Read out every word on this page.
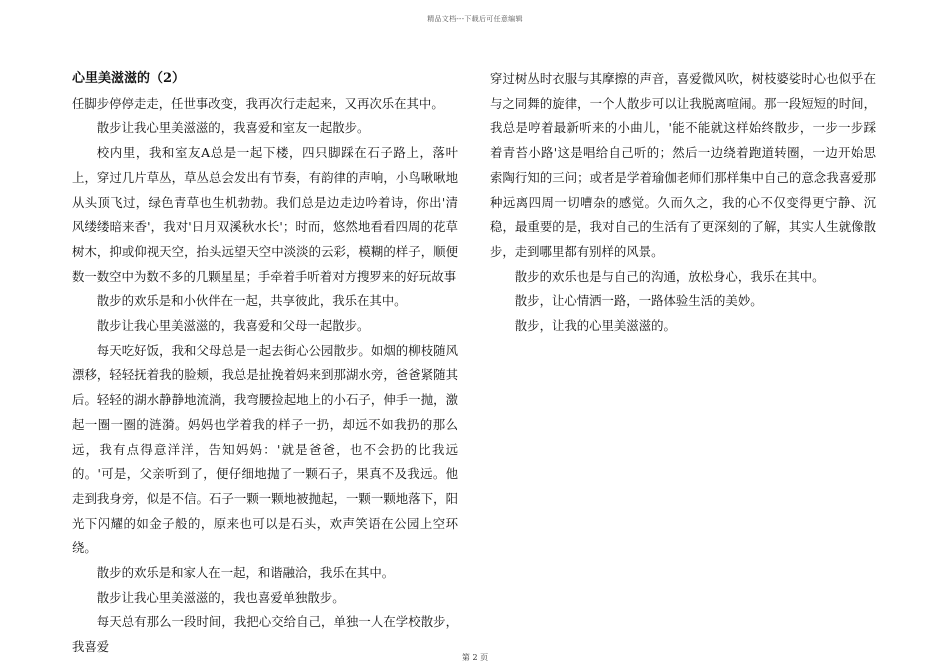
精品文档---下载后可任意编辑

心里美滋滋的（2）

任脚步停停走走，任世事改变，我再次行走起来，又再次乐在其中。

散步让我心里美滋滋的，我喜爱和室友一起散步。

校内里，我和室友A总是一起下楼，四只脚踩在石子路上，落叶上，穿过几片草丛，草丛总会发出有节奏，有韵律的声响，小鸟啾啾地从头顶飞过，绿色青草也生机勃勃。我们总是边走边吟着诗，你出'清风缕缕暗来香'，我对'日月双溪秋水长'；时而，悠然地看看四周的花草树木，抑或仰视天空，抬头远望天空中淡淡的云彩，模糊的样子，顺便数一数空中为数不多的几颗星星；手牵着手听着对方搜罗来的好玩故事

散步的欢乐是和小伙伴在一起，共享彼此，我乐在其中。

散步让我心里美滋滋的，我喜爱和父母一起散步。

每天吃好饭，我和父母总是一起去街心公园散步。如烟的柳枝随风漂移，轻轻抚着我的脸颊，我总是扯挽着妈来到那湖水旁，爸爸紧随其后。轻轻的湖水静静地流淌，我弯腰捡起地上的小石子，伸手一抛，激起一圈一圈的涟漪。妈妈也学着我的样子一扔，却远不如我扔的那么远，我有点得意洋洋，告知妈妈：'就是爸爸，也不会扔的比我远的。'可是，父亲听到了，便仔细地抛了一颗石子，果真不及我远。他走到我身旁，似是不信。石子一颗一颗地被抛起，一颗一颗地落下，阳光下闪耀的如金子般的，原来也可以是石头，欢声笑语在公园上空环绕。

散步的欢乐是和家人在一起，和谐融洽，我乐在其中。

散步让我心里美滋滋的，我也喜爱单独散步。

每天总有那么一段时间，我把心交给自己，单独一人在学校散步，我喜爱

穿过树丛时衣服与其摩擦的声音，喜爱微风吹，树枝婆娑时心也似乎在与之同舞的旋律，一个人散步可以让我脱离喧闹。那一段短短的时间，我总是哼着最新听来的小曲儿，'能不能就这样始终散步，一步一步踩着青苔小路'这是唱给自己听的；然后一边绕着跑道转圈，一边开始思索陶行知的三问；或者是学着瑜伽老师们那样集中自己的意念我喜爱那种远离四周一切嘈杂的感觉。久而久之，我的心不仅变得更宁静、沉稳，最重要的是，我对自己的生活有了更深刻的了解，其实人生就像散步，走到哪里都有别样的风景。

散步的欢乐也是与自己的沟通，放松身心，我乐在其中。

散步，让心情洒一路，一路体验生活的美妙。

散步，让我的心里美滋滋的。

第 2 页
